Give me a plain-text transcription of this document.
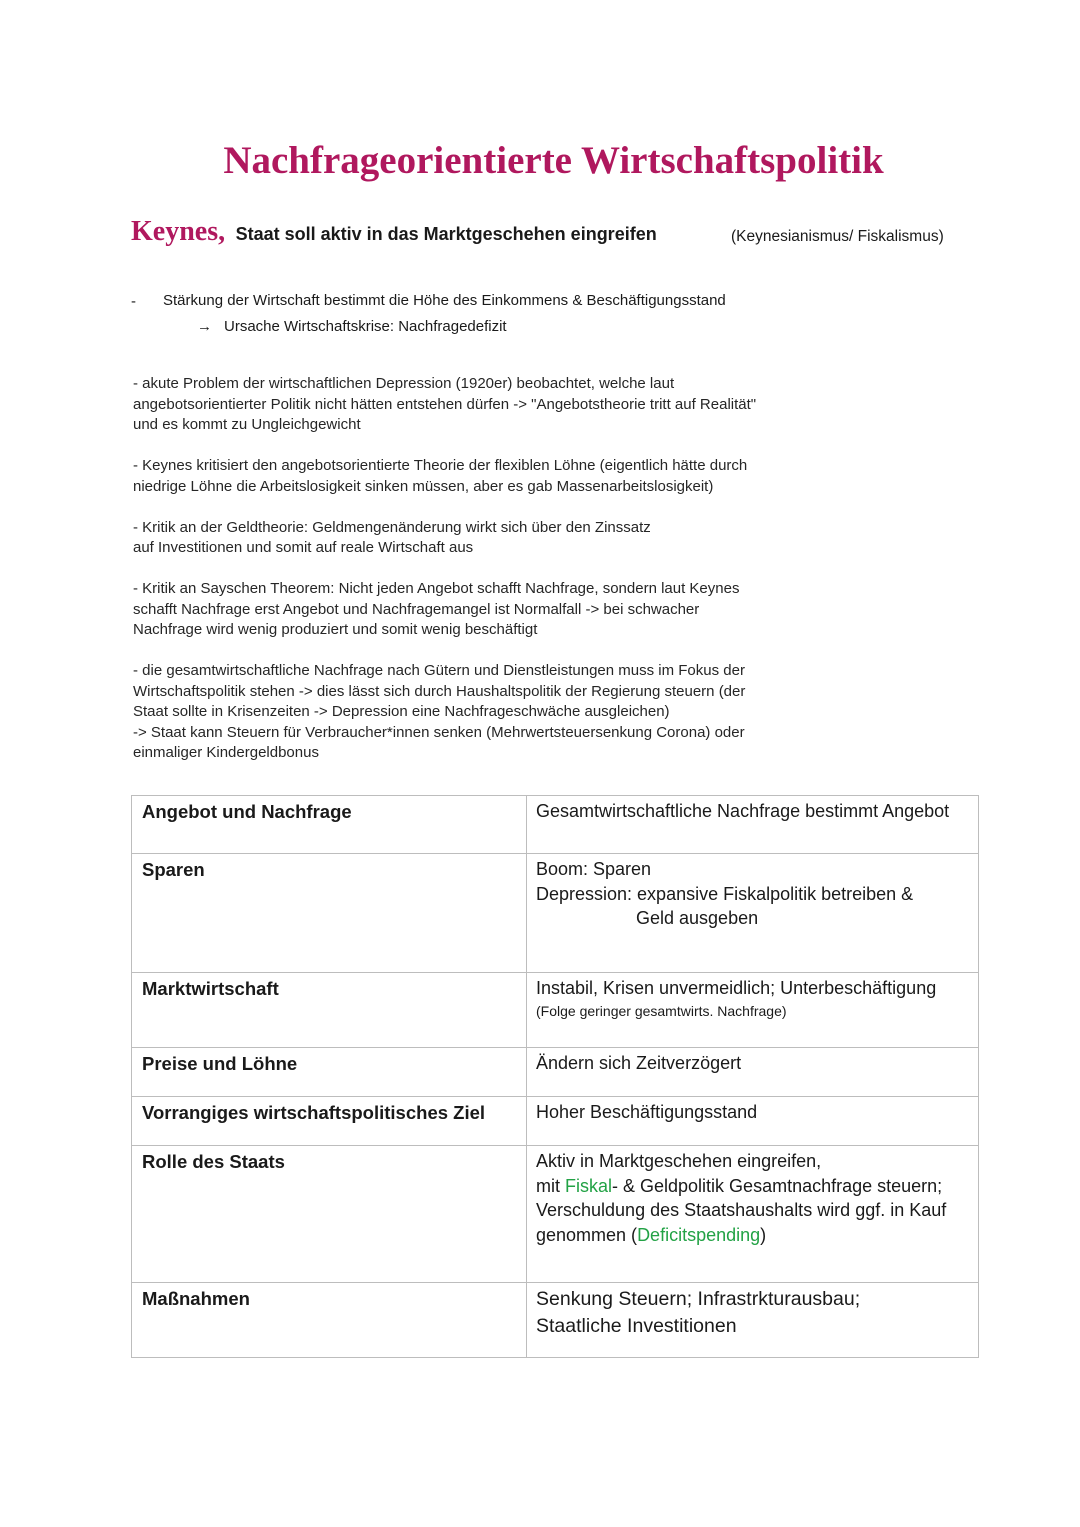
Nachfrageorientierte Wirtschaftspolitik
Keynes, Staat soll aktiv in das Marktgeschehen eingreifen	(Keynesianismus/ Fiskalismus)
- Stärkung der Wirtschaft bestimmt die Höhe des Einkommens & Beschäftigungsstand
→ Ursache Wirtschaftskrise: Nachfragedefizit

- akute Problem der wirtschaftlichen Depression (1920er) beobachtet, welche laut
angebotsorientierter Politik nicht hätten entstehen dürfen -> "Angebotstheorie tritt auf Realität"
und es kommt zu Ungleichgewicht

- Keynes kritisiert den angebotsorientierte Theorie der flexiblen Löhne (eigentlich hätte durch
niedrige Löhne die Arbeitslosigkeit sinken müssen, aber es gab Massenarbeitslosigkeit)

- Kritik an der Geldtheorie: Geldmengenänderung wirkt sich über den Zinssatz
auf Investitionen und somit auf reale Wirtschaft aus

- Kritik an Sayschen Theorem: Nicht jeden Angebot schafft Nachfrage, sondern laut Keynes
schafft Nachfrage erst Angebot und Nachfragemangel ist Normalfall -> bei schwacher
Nachfrage wird wenig produziert und somit wenig beschäftigt

- die gesamtwirtschaftliche Nachfrage nach Gütern und Dienstleistungen muss im Fokus der
Wirtschaftspolitik stehen -> dies lässt sich durch Haushaltspolitik der Regierung steuern (der
Staat sollte in Krisenzeiten -> Depression eine Nachfrageschwäche ausgleichen)
-> Staat kann Steuern für Verbraucher*innen senken (Mehrwertsteuersenkung Corona) oder
einmaliger Kindergeldbonus

Angebot und Nachfrage	Gesamtwirtschaftliche Nachfrage bestimmt Angebot
Sparen	Boom: Sparen
Depression: expansive Fiskalpolitik betreiben &
Geld ausgeben

Marktwirtschaft	Instabil, Krisen unvermeidlich; Unterbeschäftigung
(Folge geringer gesamtwirts. Nachfrage)

Preise und Löhne	Ändern sich Zeitverzögert
Vorrangiges wirtschaftspolitisches Ziel	Hoher Beschäftigungsstand
Rolle des Staats	Aktiv in Marktgeschehen eingreifen,
mit Fiskal- & Geldpolitik Gesamtnachfrage steuern;
Verschuldung des Staatshaushalts wird ggf. in Kauf
genommen (Deficitspending)

Maßnahmen	Senkung Steuern; Infrastrkturausbau;
Staatliche Investitionen
